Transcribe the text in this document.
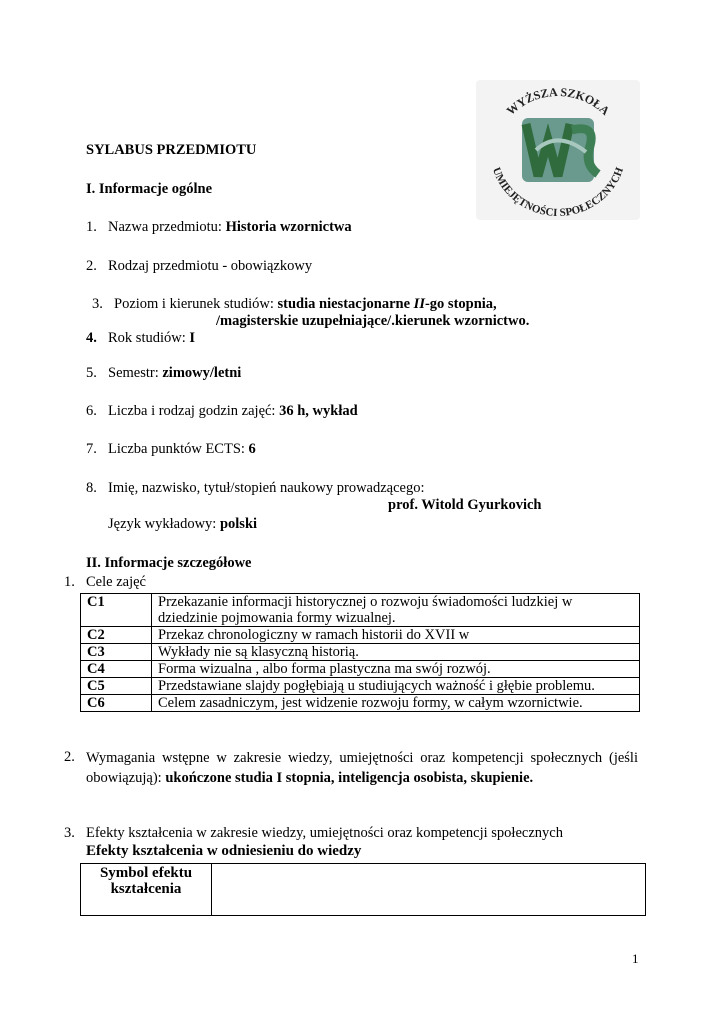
WYŻSZA SZKOŁA
UMIEJĘTNOŚCI SPOŁECZNYCH
SYLABUS PRZEDMIOTU
I. Informacje ogólne
1. Nazwa przedmiotu: Historia wzornictwa
2. Rodzaj przedmiotu - obowiązkowy
3. Poziom i kierunek studiów: studia niestacjonarne II-go stopnia,
/magisterskie uzupełniające/.kierunek wzornictwo.
4. Rok studiów: I
5. Semestr: zimowy/letni
6. Liczba i rodzaj godzin zajęć: 36 h, wykład
7. Liczba punktów ECTS: 6
8. Imię, nazwisko, tytuł/stopień naukowy prowadzącego:
prof. Witold Gyurkovich
Język wykładowy: polski
II. Informacje szczegółowe
1. Cele zajęć
C1	Przekazanie informacji historycznej o rozwoju świadomości ludzkiej w dziedzinie pojmowania formy wizualnej.
C2	Przekaz chronologiczny w ramach historii do XVII w
C3	Wykłady nie są klasyczną historią.
C4	Forma wizualna , albo forma plastyczna ma swój rozwój.
C5	Przedstawiane slajdy pogłębiają u studiujących ważność i głębie problemu.
C6	Celem zasadniczym, jest widzenie rozwoju formy, w całym wzornictwie.
2. Wymagania wstępne w zakresie wiedzy, umiejętności oraz kompetencji społecznych (jeśli obowiązują): ukończone studia I stopnia, inteligencja osobista, skupienie.
3. Efekty kształcenia w zakresie wiedzy, umiejętności oraz kompetencji społecznych
Efekty kształcenia w odniesieniu do wiedzy
Symbol efektu kształcenia	
1
